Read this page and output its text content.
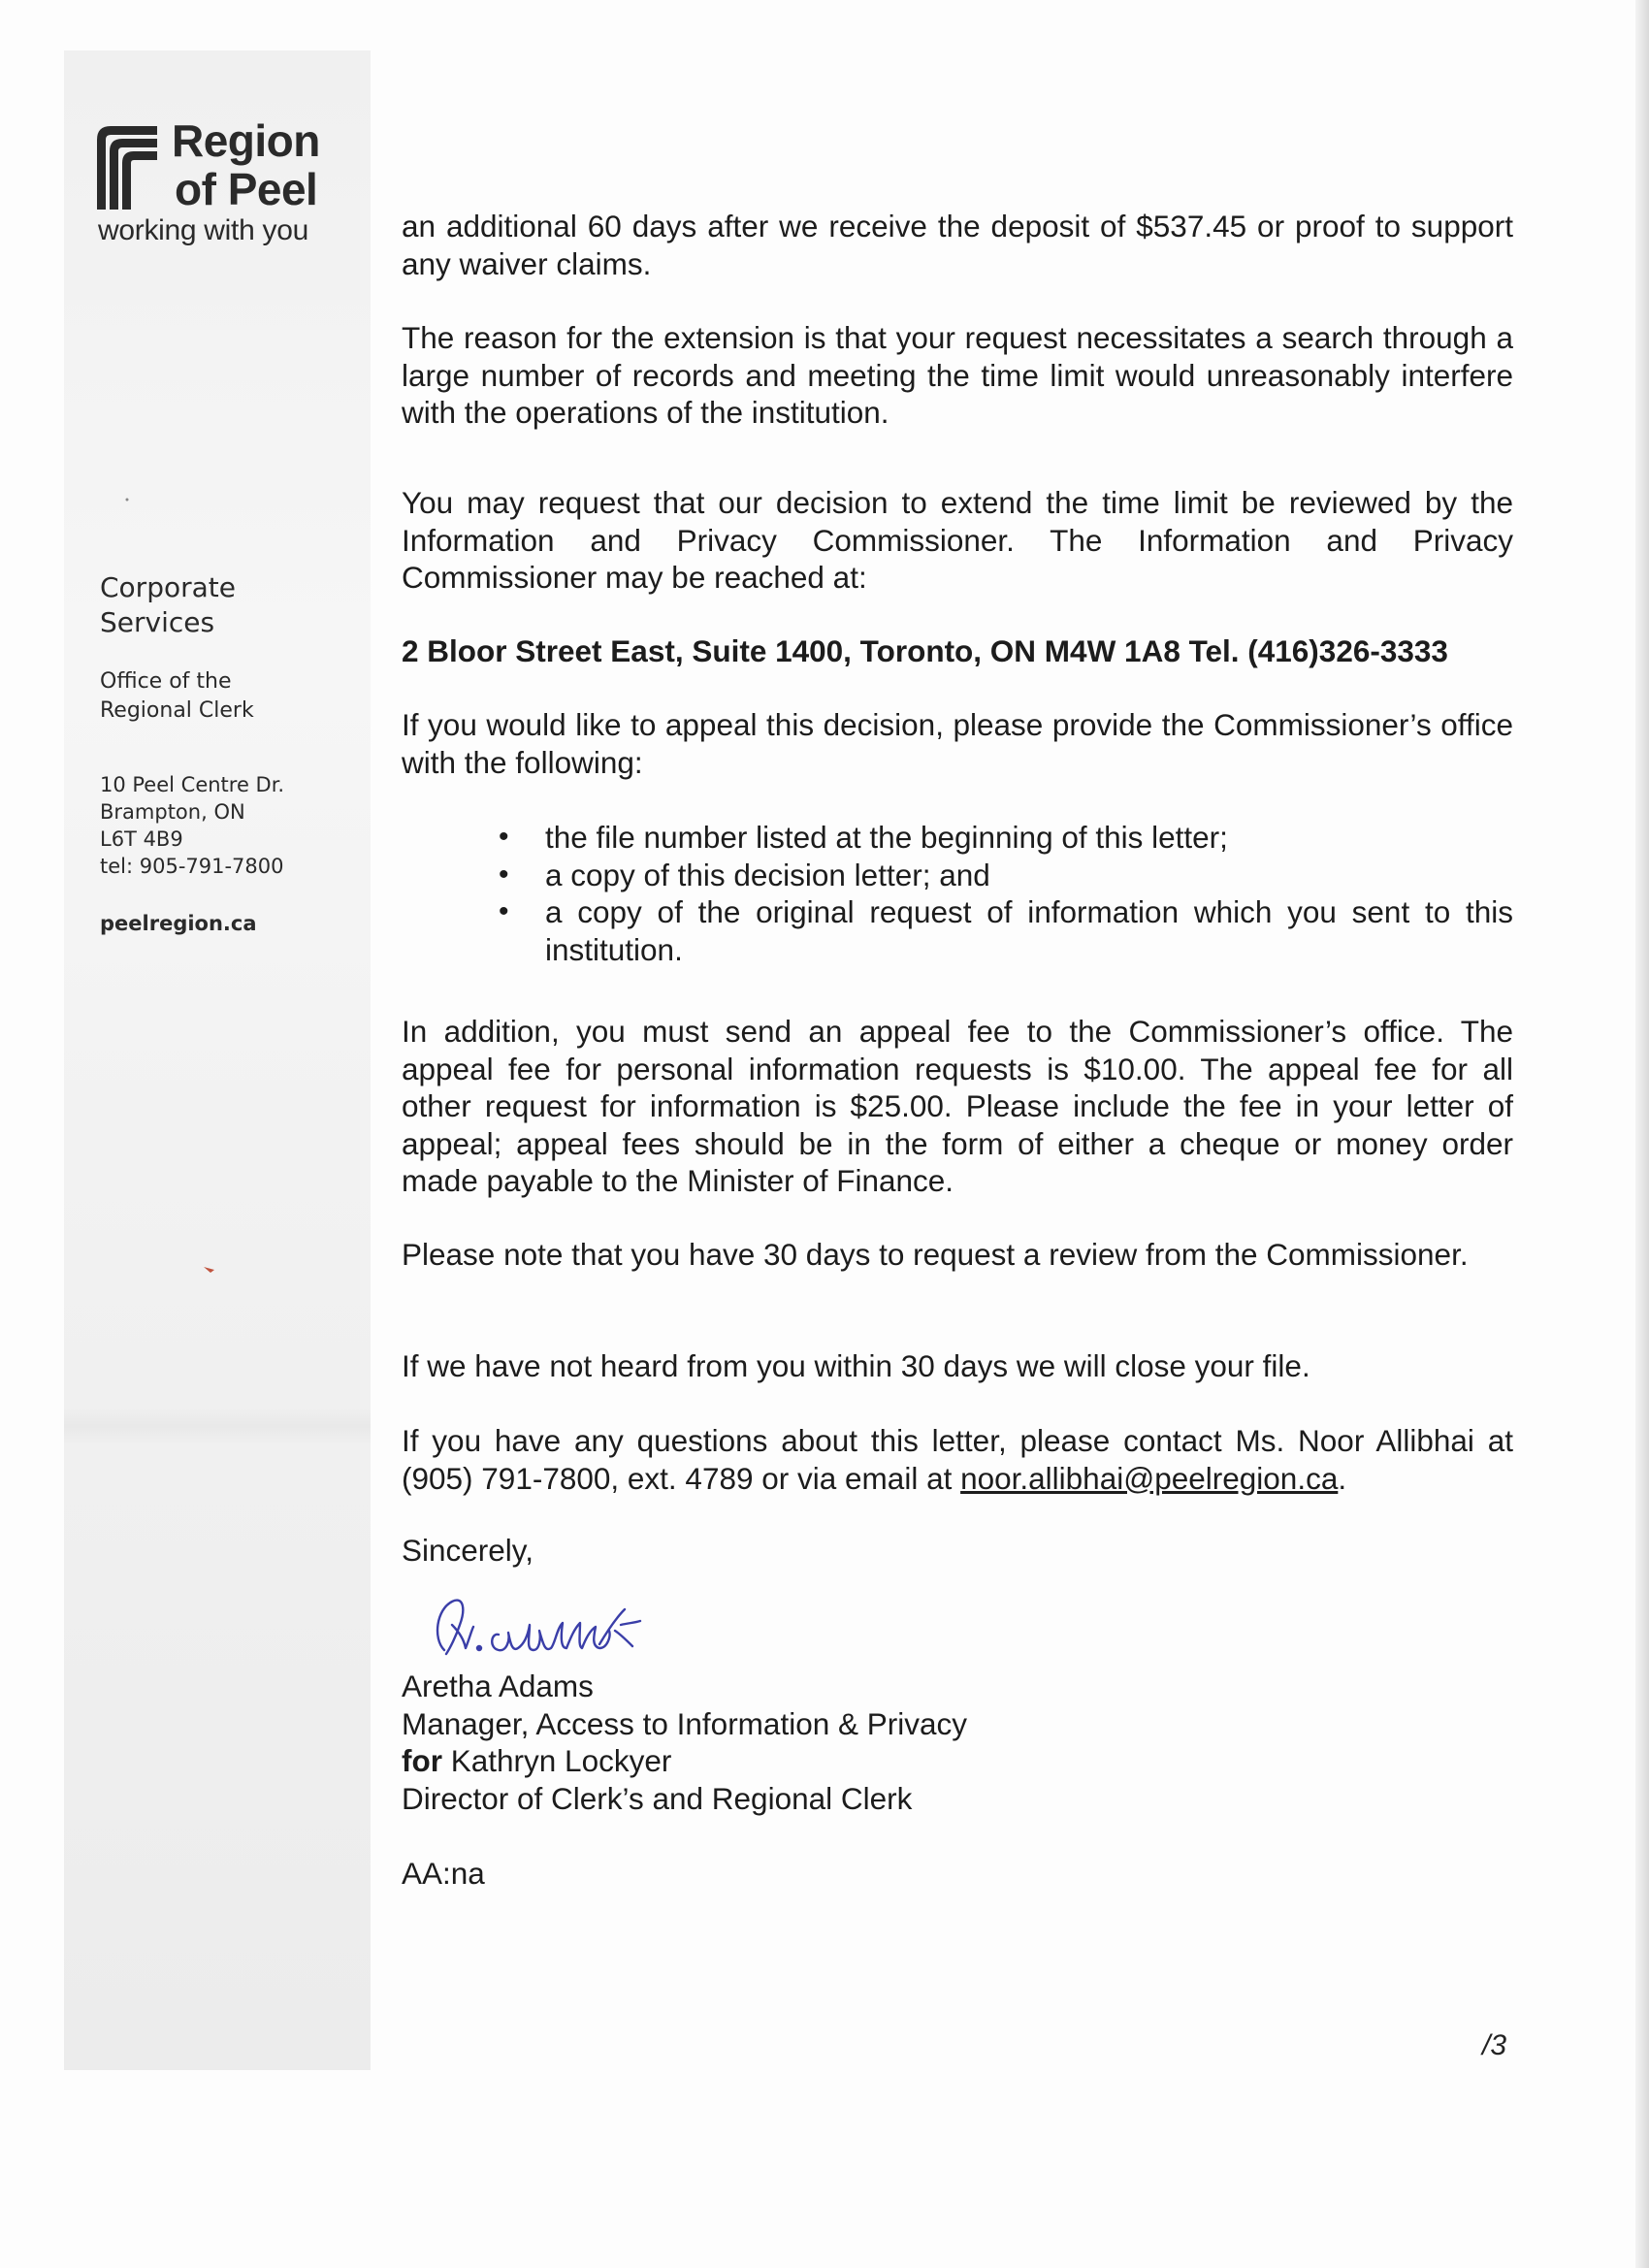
Region
of Peel
working with you
Corporate
Services
Office of the
Regional Clerk
10 Peel Centre Dr.
Brampton, ON
L6T 4B9
tel: 905-791-7800
peelregion.ca

an additional 60 days after we receive the deposit of $537.45 or proof to support any waiver claims.

The reason for the extension is that your request necessitates a search through a large number of records and meeting the time limit would unreasonably interfere with the operations of the institution.

You may request that our decision to extend the time limit be reviewed by the Information and Privacy Commissioner. The Information and Privacy Commissioner may be reached at:

2 Bloor Street East, Suite 1400, Toronto, ON M4W 1A8 Tel. (416)326-3333

If you would like to appeal this decision, please provide the Commissioner’s office with the following:

• the file number listed at the beginning of this letter;
• a copy of this decision letter; and
• a copy of the original request of information which you sent to this institution.

In addition, you must send an appeal fee to the Commissioner’s office. The appeal fee for personal information requests is $10.00. The appeal fee for all other request for information is $25.00. Please include the fee in your letter of appeal; appeal fees should be in the form of either a cheque or money order made payable to the Minister of Finance.

Please note that you have 30 days to request a review from the Commissioner.

If we have not heard from you within 30 days we will close your file.

If you have any questions about this letter, please contact Ms. Noor Allibhai at (905) 791-7800, ext. 4789 or via email at noor.allibhai@peelregion.ca.

Sincerely,
Aretha Adams
Manager, Access to Information & Privacy
for Kathryn Lockyer
Director of Clerk’s and Regional Clerk
AA:na
/3
